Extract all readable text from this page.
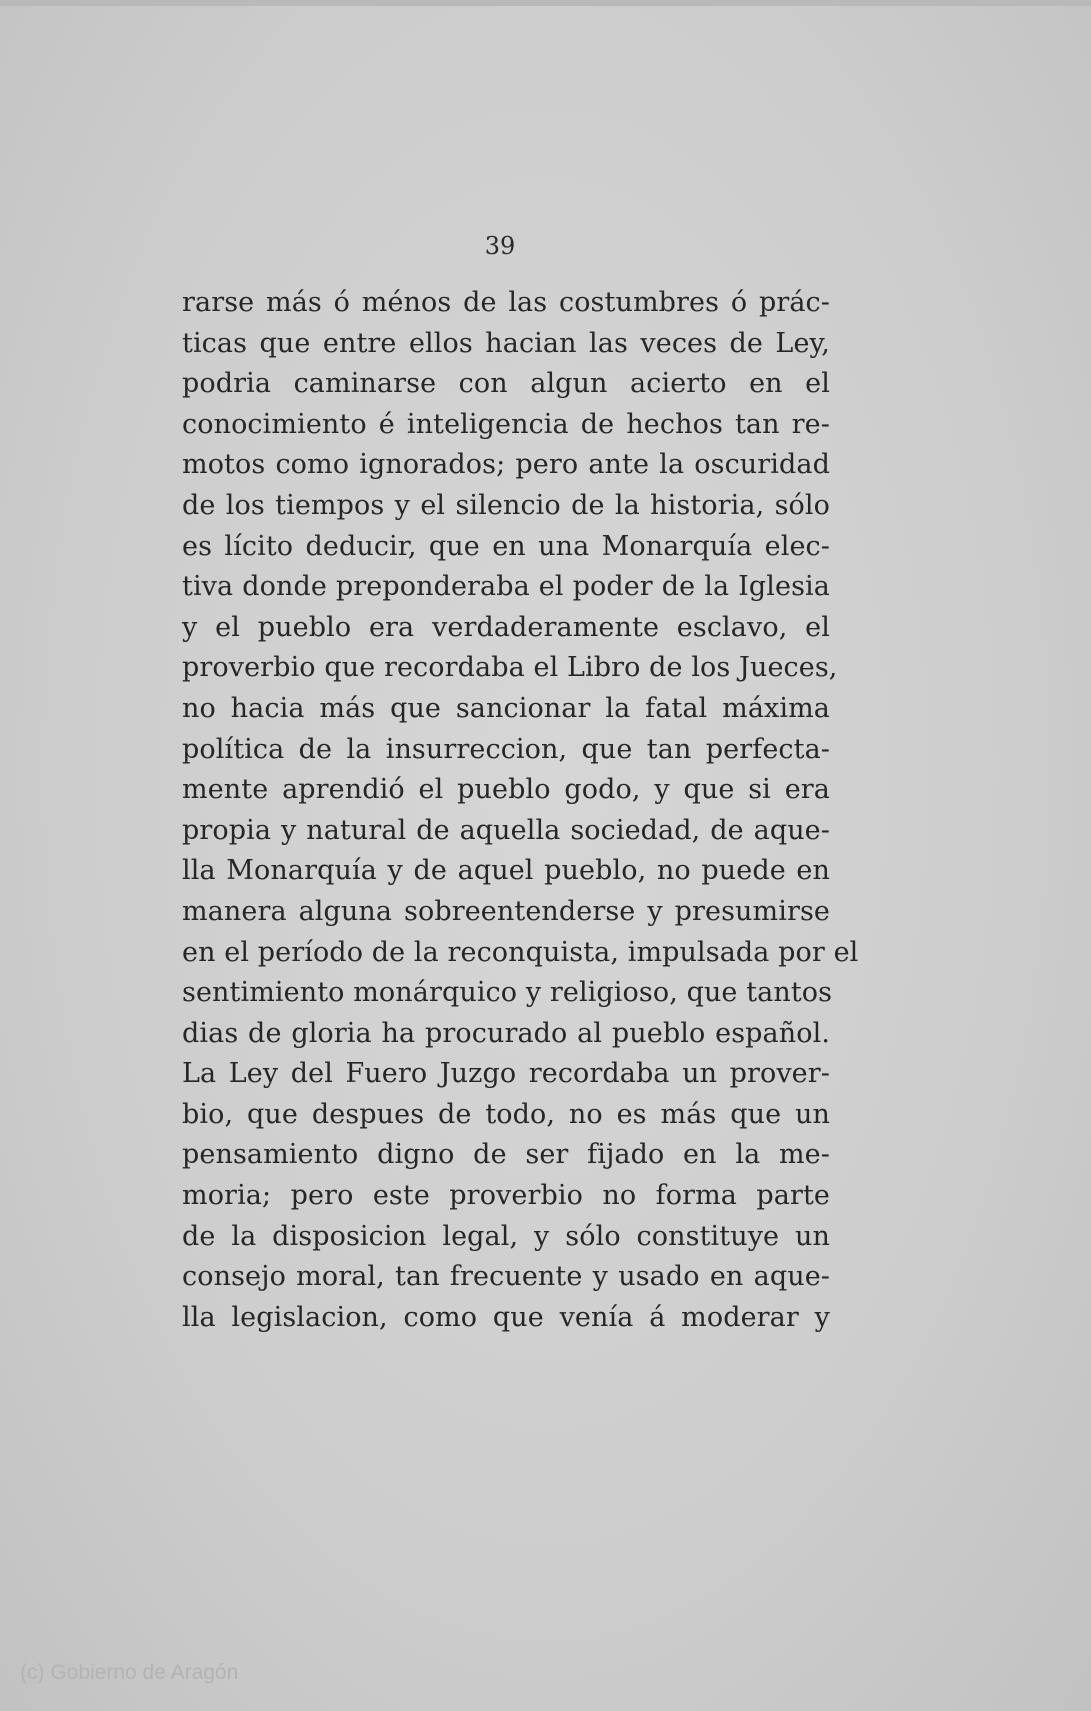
39
rarse más ó ménos de las costumbres ó prác-
ticas que entre ellos hacian las veces de Ley,
podria caminarse con algun acierto en el
conocimiento é inteligencia de hechos tan re-
motos como ignorados; pero ante la oscuridad
de los tiempos y el silencio de la historia, sólo
es lícito deducir, que en una Monarquía elec-
tiva donde preponderaba el poder de la Iglesia
y el pueblo era verdaderamente esclavo, el
proverbio que recordaba el Libro de los Jueces,
no hacia más que sancionar la fatal máxima
política de la insurreccion, que tan perfecta-
mente aprendió el pueblo godo, y que si era
propia y natural de aquella sociedad, de aque-
lla Monarquía y de aquel pueblo, no puede en
manera alguna sobreentenderse y presumirse
en el período de la reconquista, impulsada por el
sentimiento monárquico y religioso, que tantos
dias de gloria ha procurado al pueblo español.
La Ley del Fuero Juzgo recordaba un prover-
bio, que despues de todo, no es más que un
pensamiento digno de ser fijado en la me-
moria; pero este proverbio no forma parte
de la disposicion legal, y sólo constituye un
consejo moral, tan frecuente y usado en aque-
lla legislacion, como que venía á moderar y
(c) Gobierno de Aragón
